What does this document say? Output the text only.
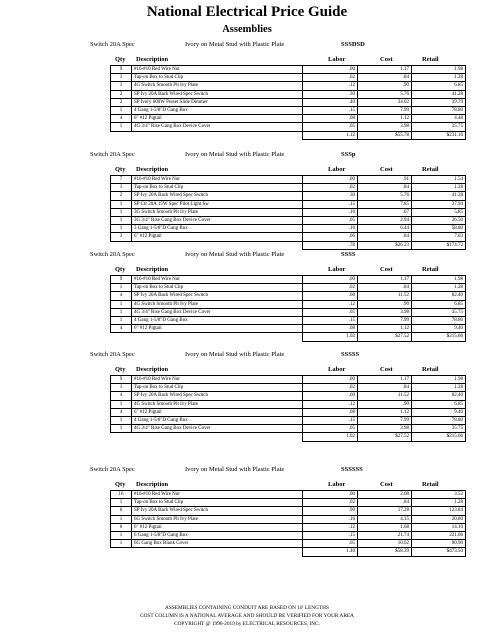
National Electrical Price Guide
Assemblies
Switch 20A Spec	Ivory on Metal Stud with Plastic Plate	SSSDSD
Qty Description	Labor	Cost	Retail
9	#16-#10 Red Wire Nut	.00	1.17	1.98
1	Tap-on Box to Stud Clip	.02	.84	1.28
1	4G Switch Smooth Plt Ivy Plate	.12	.90	6.85
2	SP Ivy 20A Back Wired Spec Switch	.30	5.76	41.28
2	SP Ivory 600W Preset Slide Dimmer	.40	34.02	39.79
1	4 Gang 1-5/8"D Gang Box	.15	7.99	78.80
4	6" #12 Pigtail	.08	1.12	4.48
1	4G 3/4" Rise Gang Box Device Cover	.05	3.98	35.75
		1.12	$55.78	$231.16
Switch 20A Spec	Ivory on Metal Stud with Plastic Plate	SSSp
Qty Description	Labor	Cost	Retail
7	#16-#10 Red Wire Nut	.00	.91	1.54
1	Tap-on Box to Stud Clip	.02	.84	1.28
2	SP Ivy 20A Back Wired Spec Switch	.30	5.76	41.28
1	SP Ctr 20A 15W Spec Pilot Light Sw	.15	7.85	37.94
1	3G Switch Smooth Plt Ivy Plate	.10	.67	5.85
1	3G 3/4" Rise Gang Box Device Cover	.05	2.94	26.50
1	3 Gang 1-5/8"D Gang Box	.10	6.44	58.80
3	6" #12 Pigtail	.06	.84	7.03
		.78	$26.23	$174.72
Switch 20A Spec	Ivory on Metal Stud with Plastic Plate	SSSS
Qty Description	Labor	Cost	Retail
9	#16-#10 Red Wire Nut	.00	1.17	1.98
1	Tap-on Box to Stud Clip	.02	.84	1.28
4	SP Ivy 20A Back Wired Spec Switch	.60	11.52	82.40
1	4G Switch Smooth Plt Ivy Plate	.12	.90	6.85
1	4G 3/4" Rise Gang Box Device Cover	.05	3.98	35.75
1	4 Gang 1-5/8"D Gang Box	.15	7.99	78.80
4	6" #12 Pigtail	.08	1.12	9.40
		1.02	$27.52	$215.66
Switch 20A Spec	Ivory on Metal Stud with Plastic Plate	SSSSS
Qty Description	Labor	Cost	Retail
9	#16-#10 Red Wire Nut	.00	1.17	1.98
1	Tap-on Box to Stud Clip	.02	.84	1.28
4	SP Ivy 20A Back Wired Spec Switch	.60	11.52	82.40
1	4G Switch Smooth Plt Ivy Plate	.12	.90	6.85
4	6" #12 Pigtail	.08	1.12	9.40
1	4 Gang 1-5/8"D Gang Box	.15	7.99	78.80
1	4G 3/4" Rise Gang Box Device Cover	.05	3.98	35.75
		1.02	$27.52	$215.66
Switch 20A Spec	Ivory on Metal Stud with Plastic Plate	SSSSSS
Qty Description	Labor	Cost	Retail
16	#16-#10 Red Wire Nut	.00	2.08	3.52
1	Tap-on Box to Stud Clip	.02	.84	1.28
6	SP Ivy 20A Back Wired Spec Switch	.90	17.28	123.84
1	6G Switch Smooth Plt Ivy Plate	.16	4.15	20.80
6	6" #12 Pigtail	.12	1.68	14.10
1	6 Gang 1-5/8"D Gang Box	.15	21.74	221.06
1	6G Gang Box Blank Cover	.05	10.62	90.90
		1.40	$58.39	$473.50
ASSEMBLIES CONTAINING CONDUIT ARE BASED ON 10' LENGTHS
COST COLUMN IS A NATIONAL AVERAGE AND SHOULD BE VERIFIED FOR YOUR AREA
COPYRIGHT @ 1996-2019 by ELECTRICAL RESOURCES, INC.
